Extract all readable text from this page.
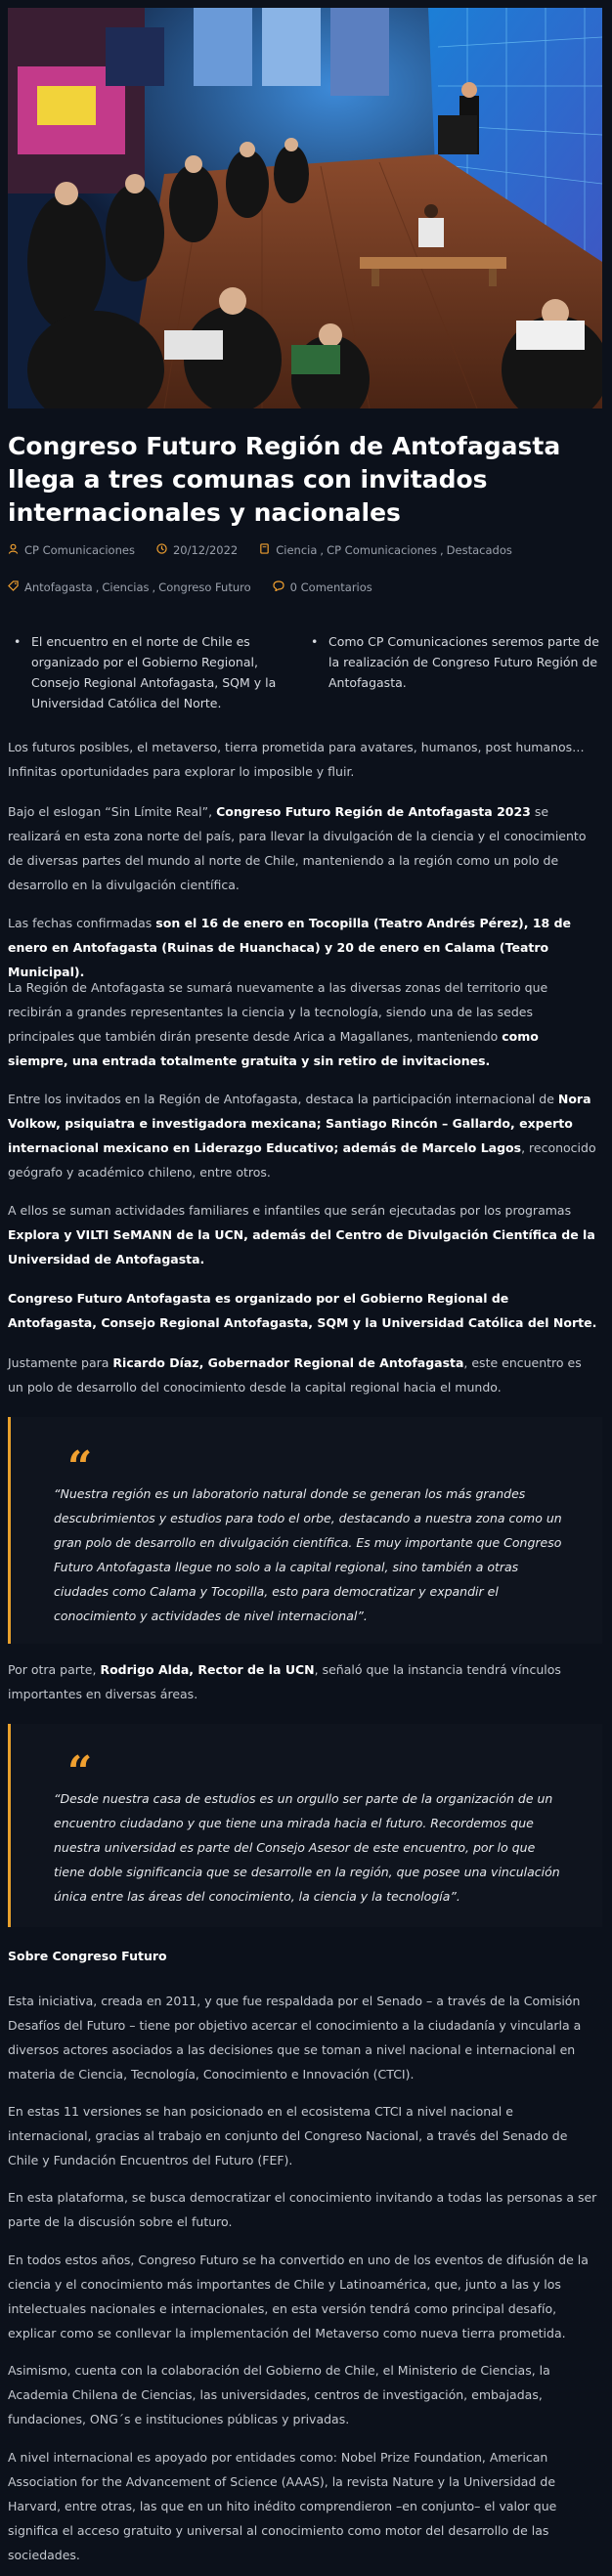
Congreso Futuro Región de Antofagasta llega a tres comunas con invitados internacionales y nacionales
CP Comunicaciones	20/12/2022	Ciencia , CP Comunicaciones , Destacados
Antofagasta , Ciencias , Congreso Futuro	0 Comentarios
• El encuentro en el norte de Chile es organizado por el Gobierno Regional, Consejo Regional Antofagasta, SQM y la Universidad Católica del Norte.
• Como CP Comunicaciones seremos parte de la realización de Congreso Futuro Región de Antofagasta.

Los futuros posibles, el metaverso, tierra prometida para avatares, humanos, post humanos… Infinitas oportunidades para explorar lo imposible y fluir.

Bajo el eslogan “Sin Límite Real”, Congreso Futuro Región de Antofagasta 2023 se realizará en esta zona norte del país, para llevar la divulgación de la ciencia y el conocimiento de diversas partes del mundo al norte de Chile, manteniendo a la región como un polo de desarrollo en la divulgación científica.

Las fechas confirmadas son el 16 de enero en Tocopilla (Teatro Andrés Pérez), 18 de enero en Antofagasta (Ruinas de Huanchaca) y 20 de enero en Calama (Teatro Municipal).

La Región de Antofagasta se sumará nuevamente a las diversas zonas del territorio que recibirán a grandes representantes la ciencia y la tecnología, siendo una de las sedes principales que también dirán presente desde Arica a Magallanes, manteniendo como siempre, una entrada totalmente gratuita y sin retiro de invitaciones.

Entre los invitados en la Región de Antofagasta, destaca la participación internacional de Nora Volkow, psiquiatra e investigadora mexicana; Santiago Rincón – Gallardo, experto internacional mexicano en Liderazgo Educativo; además de Marcelo Lagos, reconocido geógrafo y académico chileno, entre otros.

A ellos se suman actividades familiares e infantiles que serán ejecutadas por los programas Explora y VILTI SeMANN de la UCN, además del Centro de Divulgación Científica de la Universidad de Antofagasta.

Congreso Futuro Antofagasta es organizado por el Gobierno Regional de Antofagasta, Consejo Regional Antofagasta, SQM y la Universidad Católica del Norte.

Justamente para Ricardo Díaz, Gobernador Regional de Antofagasta, este encuentro es un polo de desarrollo del conocimiento desde la capital regional hacia el mundo.

“

“Nuestra región es un laboratorio natural donde se generan los más grandes descubrimientos y estudios para todo el orbe, destacando a nuestra zona como un gran polo de desarrollo en divulgación científica. Es muy importante que Congreso Futuro Antofagasta llegue no solo a la capital regional, sino también a otras ciudades como Calama y Tocopilla, esto para democratizar y expandir el conocimiento y actividades de nivel internacional”.

Por otra parte, Rodrigo Alda, Rector de la UCN, señaló que la instancia tendrá vínculos importantes en diversas áreas.

“

“Desde nuestra casa de estudios es un orgullo ser parte de la organización de un encuentro ciudadano y que tiene una mirada hacia el futuro. Recordemos que nuestra universidad es parte del Consejo Asesor de este encuentro, por lo que tiene doble significancia que se desarrolle en la región, que posee una vinculación única entre las áreas del conocimiento, la ciencia y la tecnología”.

Sobre Congreso Futuro

Esta iniciativa, creada en 2011, y que fue respaldada por el Senado – a través de la Comisión Desafíos del Futuro – tiene por objetivo acercar el conocimiento a la ciudadanía y vincularla a diversos actores asociados a las decisiones que se toman a nivel nacional e internacional en materia de Ciencia, Tecnología, Conocimiento e Innovación (CTCI).

En estas 11 versiones se han posicionado en el ecosistema CTCI a nivel nacional e internacional, gracias al trabajo en conjunto del Congreso Nacional, a través del Senado de Chile y Fundación Encuentros del Futuro (FEF).

En esta plataforma, se busca democratizar el conocimiento invitando a todas las personas a ser parte de la discusión sobre el futuro.

En todos estos años, Congreso Futuro se ha convertido en uno de los eventos de difusión de la ciencia y el conocimiento más importantes de Chile y Latinoamérica, que, junto a las y los intelectuales nacionales e internacionales, en esta versión tendrá como principal desafío, explicar como se conllevar la implementación del Metaverso como nueva tierra prometida.

Asimismo, cuenta con la colaboración del Gobierno de Chile, el Ministerio de Ciencias, la Academia Chilena de Ciencias, las universidades, centros de investigación, embajadas, fundaciones, ONG´s e instituciones públicas y privadas.

A nivel internacional es apoyado por entidades como: Nobel Prize Foundation, American Association for the Advancement of Science (AAAS), la revista Nature y la Universidad de Harvard, entre otras, las que en un hito inédito comprendieron –en conjunto– el valor que significa el acceso gratuito y universal al conocimiento como motor del desarrollo de las sociedades.
